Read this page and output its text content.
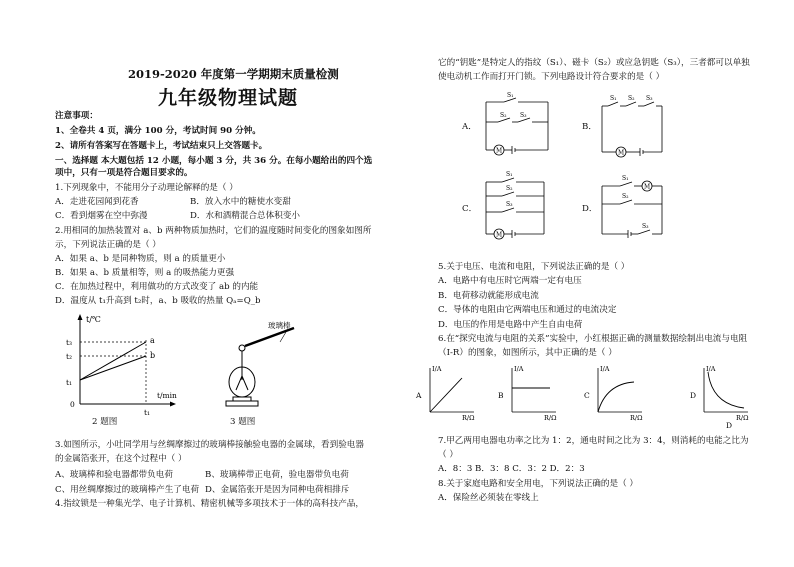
2019-2020 年度第一学期期末质量检测
九年级物理试题
注意事项：
1、全卷共 4 页，满分 100 分，考试时间 90 分钟。
2、请所有答案写在答题卡上，考试结束只上交答题卡。
一、选择题 本大题包括 12 小题，每小题 3 分，共 36 分。在每小题给出的四个选
项中，只有一项是符合题目要求的。
1.下列现象中，不能用分子动理论解释的是（ ）
A．走进花园闻到花香	B．放入水中的糖使水变甜
C．看到烟雾在空中弥漫	D．水和酒精混合总体积变小
2.用相同的加热装置对 a、b 两种物质加热时，它们的温度随时间变化的图象如图所
示，下列说法正确的是（ ）
A．如果 a、b 是同种物质，则 a 的质量更小
B．如果 a、b 质量相等，则 a 的吸热能力更强
C．在加热过程中，利用做功的方式改变了 ab 的内能
D．温度从 t₁升高到 t₂时，a、b 吸收的热量 Qₐ=Q_b
t/℃
t/min
t₃
t₂
t₁
0
a
b
t₁
2 题图
玻璃棒
3 题图
3.如图所示，小吐同学用与丝绸摩擦过的玻璃棒接触验电器的金属球，看到验电器
的金属箔张开，在这个过程中（ ）
A、玻璃棒和验电器都带负电荷	B、玻璃棒带正电荷，验电器带负电荷
C、用丝绸摩擦过的玻璃棒产生了电荷 D、金属箔张开是因为同种电荷相排斥
4.指纹锁是一种集光学、电子计算机、精密机械等多项技术于一体的高科技产品，
它的“钥匙”是特定人的指纹（S₁）、磁卡（S₂）或应急钥匙（S₃），三者都可以单独
使电动机工作而打开门锁。下列电路设计符合要求的是（ ）
A．
S₁
S₂ S₃
M
B．
S₁ S₂ S₃
M
C．
S₁
S₂
S₃
M
D．
S₁
S₂
S₃
M
5.关于电压、电流和电阻，下列说法正确的是（ ）
A．电路中有电压时它两端一定有电压
B．电荷移动就能形成电流
C．导体的电阻由它两端电压和通过的电流决定
D．电压的作用是电路中产生自由电荷
6.在“探究电流与电阻的关系”实验中，小红根据正确的测量数据绘制出电流与电阻
（I-R）的图象，如图所示，其中正确的是（ ）
A
I/A
R/Ω
B
I/A
R/Ω
C
I/A
R/Ω
D
I/A
R/Ω
D
7.甲乙两用电器电功率之比为 1：2，通电时间之比为 3：4，则消耗的电能之比为
（ ）
A．8：3 B．3：8 C．3：2 D．2：3
8.关于家庭电路和安全用电，下列说法正确的是（ ）
A．保险丝必须装在零线上
